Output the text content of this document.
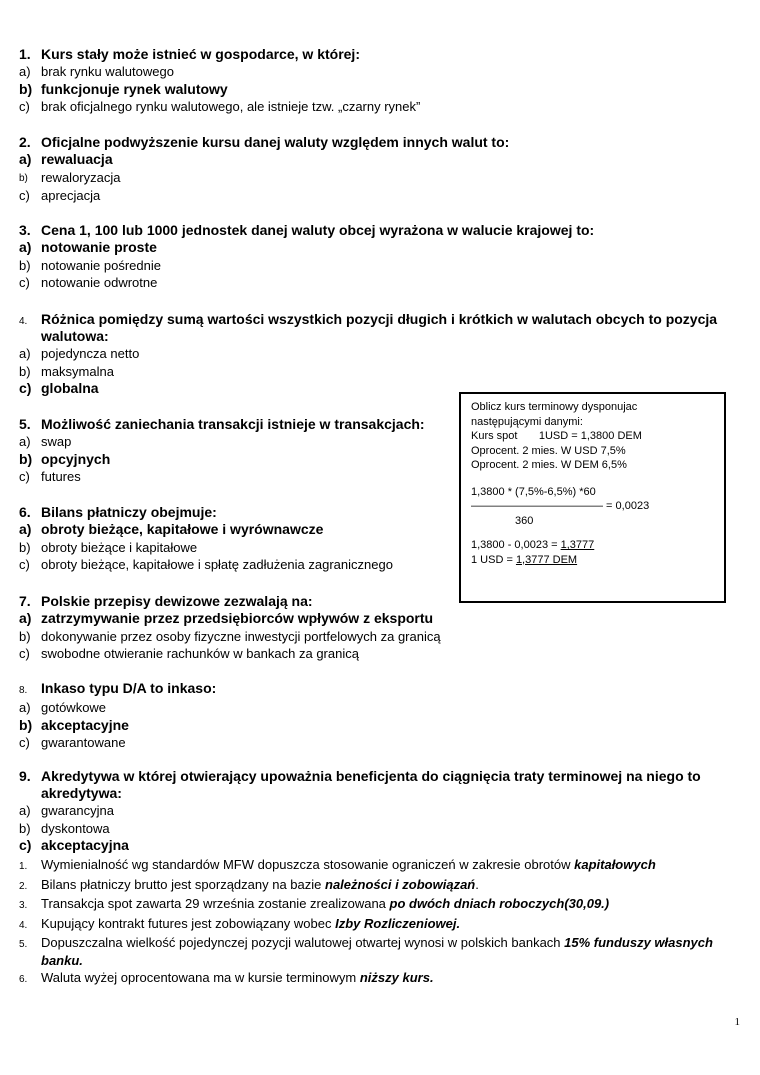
1. Kurs stały może istnieć w gospodarce, w której:
a) brak rynku walutowego
b) funkcjonuje rynek walutowy
c) brak oficjalnego rynku walutowego, ale istnieje tzw. „czarny rynek”
2. Oficjalne podwyższenie kursu danej waluty względem innych walut to:
a) rewaluacja
b)	rewaloryzacja
c) aprecjacja
3. Cena 1, 100 lub 1000 jednostek danej waluty obcej wyrażona w walucie krajowej to:
a) notowanie proste
b) notowanie pośrednie
c) notowanie odwrotne
4. Różnica pomiędzy sumą wartości wszystkich pozycji długich i krótkich w walutach obcych to pozycja walutowa:
a) pojedyncza netto
b) maksymalna
c) globalna
5. Możliwość zaniechania transakcji istnieje w transakcjach:
a) swap
b) opcyjnych
c) futures
6. Bilans płatniczy obejmuje:
a) obroty bieżące, kapitałowe i wyrównawcze
b) obroty bieżące i kapitałowe
c) obroty bieżące, kapitałowe i spłatę zadłużenia zagranicznego
7. Polskie przepisy dewizowe zezwalają na:
a) zatrzymywanie przez przedsiębiorców wpływów z eksportu
b) dokonywanie przez osoby fizyczne inwestycji portfelowych za granicą
c) swobodne otwieranie rachunków w bankach za granicą
8. Inkaso typu D/A to inkaso:
a) gotówkowe
b) akceptacyjne
c) gwarantowane
9. Akredytywa w której otwierający upoważnia beneficjenta do ciągnięcia traty terminowej na niego to akredytywa:
a) gwarancyjna
b) dyskontowa
c) akceptacyjna
Oblicz kurs terminowy dysponujac
następującymi danymi:
Kurs spot       1USD = 1,3800 DEM
Oprocent. 2 mies. W USD 7,5%
Oprocent. 2 mies. W DEM 6,5%
1,3800 * (7,5%-6,5%) *60
———————————— = 0,0023
360
1,3800 - 0,0023 = 1,3777
1 USD = 1,3777 DEM
1.	Wymienialność wg standardów MFW dopuszcza stosowanie ograniczeń w zakresie obrotów kapitałowych
2.	Bilans płatniczy brutto jest sporządzany na bazie należności i zobowiązań.
3.	Transakcja spot zawarta 29 września zostanie zrealizowana po dwóch dniach roboczych(30,09.)
4.	Kupujący kontrakt futures jest zobowiązany wobec Izby Rozliczeniowej.
5.	Dopuszczalna wielkość pojedynczej pozycji walutowej otwartej wynosi w polskich bankach 15% funduszy własnych banku.
6.	Waluta wyżej oprocentowana ma w kursie terminowym niższy kurs.
1
